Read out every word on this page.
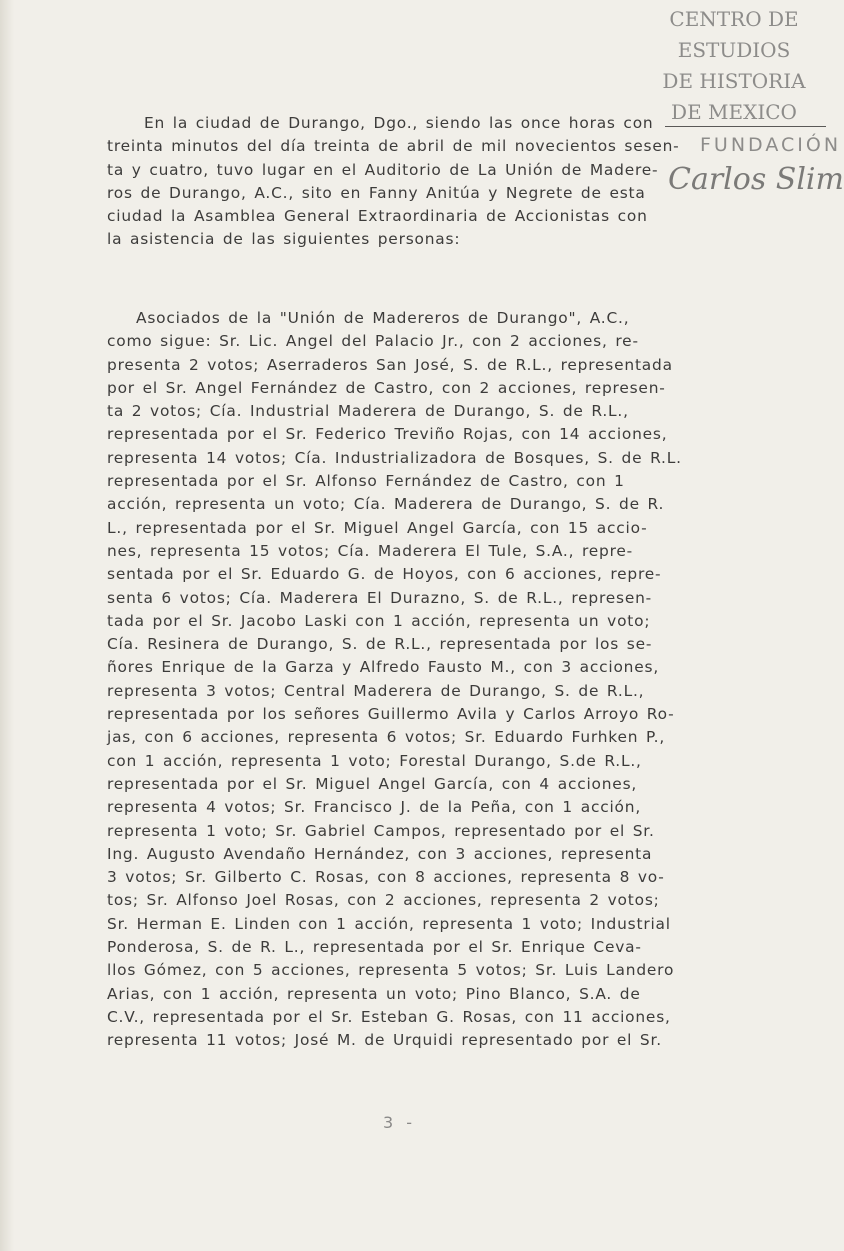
CENTRO DE
ESTUDIOS
DE HISTORIA
DE MEXICO
FUNDACIÓN
Carlos Slim

En la ciudad de Durango, Dgo., siendo las once horas con
treinta minutos del día treinta de abril de mil novecientos sesen-
ta y cuatro, tuvo lugar en el Auditorio de La Unión de Madere-
ros de Durango, A.C., sito en Fanny Anitúa y Negrete de esta
ciudad la Asamblea General Extraordinaria de Accionistas con
la asistencia de las siguientes personas:

Asociados de la "Unión de Madereros de Durango", A.C.,
como sigue: Sr. Lic. Angel del Palacio Jr., con 2 acciones, re-
presenta 2 votos; Aserraderos San José, S. de R.L., representada
por el Sr. Angel Fernández de Castro, con 2 acciones, represen-
ta 2 votos; Cía. Industrial Maderera de Durango, S. de R.L.,
representada por el Sr. Federico Treviño Rojas, con 14 acciones,
representa 14 votos; Cía. Industrializadora de Bosques, S. de R.L.
representada por el Sr. Alfonso Fernández de Castro, con 1
acción, representa un voto; Cía. Maderera de Durango, S. de R.
L., representada por el Sr. Miguel Angel García, con 15 accio-
nes, representa 15 votos; Cía. Maderera El Tule, S.A., repre-
sentada por el Sr. Eduardo G. de Hoyos, con 6 acciones, repre-
senta 6 votos; Cía. Maderera El Durazno, S. de R.L., represen-
tada por el Sr. Jacobo Laski con 1 acción, representa un voto;
Cía. Resinera de Durango, S. de R.L., representada por los se-
ñores Enrique de la Garza y Alfredo Fausto M., con 3 acciones,
representa 3 votos; Central Maderera de Durango, S. de R.L.,
representada por los señores Guillermo Avila y Carlos Arroyo Ro-
jas, con 6 acciones, representa 6 votos; Sr. Eduardo Furhken P.,
con 1 acción, representa 1 voto; Forestal Durango, S.de R.L.,
representada por el Sr. Miguel Angel García, con 4 acciones,
representa 4 votos; Sr. Francisco J. de la Peña, con 1 acción,
representa 1 voto; Sr. Gabriel Campos, representado por el Sr.
Ing. Augusto Avendaño Hernández, con 3 acciones, representa
3 votos; Sr. Gilberto C. Rosas, con 8 acciones, representa 8 vo-
tos; Sr. Alfonso Joel Rosas, con 2 acciones, representa 2 votos;
Sr. Herman E. Linden con 1 acción, representa 1 voto; Industrial
Ponderosa, S. de R. L., representada por el Sr. Enrique Ceva-
llos Gómez, con 5 acciones, representa 5 votos; Sr. Luis Landero
Arias, con 1 acción, representa un voto; Pino Blanco, S.A. de
C.V., representada por el Sr. Esteban G. Rosas, con 11 acciones,
representa 11 votos; José M. de Urquidi representado por el Sr.

3 -
